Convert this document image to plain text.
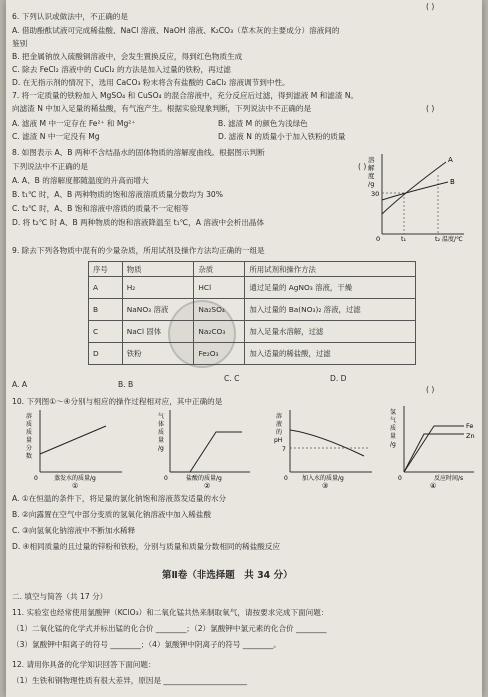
( )
6. 下列认识或做法中，不正确的是
A. 借助酚酞试液可完成稀盐酸、NaCl 溶液、NaOH 溶液、K₂CO₃（草木灰的主要成分）溶液间的
鉴别
B. 把金属钠放入硫酸铜溶液中，会发生置换反应，得到红色物质生成
C. 除去 FeCl₂ 溶液中的 CuCl₂ 的方法是加入过量的铁粉，再过滤
D. 在无指示剂的情况下，选用 CaCO₃ 粉末将含有盐酸的 CaCl₂ 溶液调节到中性。
7. 将一定质量的铁粉加入 MgSO₄ 和 CuSO₄ 的混合溶液中，充分反应后过滤，得到滤液 M 和滤渣 N。
向滤渣 N 中加入足量的稀盐酸，有气泡产生。根据实验现象判断，下列说法中不正确的是	( )
A. 滤液 M 中一定存在 Fe²⁺ 和 Mg²⁺	B. 滤渣 M 的颜色为浅绿色
C. 滤渣 N 中一定没有 Mg	D. 滤液 N 的质量小于加入铁粉的质量
8. 如图表示 A、B 两种不含结晶水的固体物质的溶解度曲线。根据图示判断
( )
下列说法中不正确的是
A. A、B 的溶解度都随温度的升高而增大
B. t₁℃ 时，A、B 两种物质的饱和溶液溶质质量分数均为 30%
C. t₂℃ 时，A、B 饱和溶液中溶质的质量不一定相等
D. 将 t₂℃ 时 A、B 两种物质的饱和溶液降温至 t₁℃，A 溶液中会析出晶体
溶
解
度
/g
30
0	t₁	t₂ 温度/℃
A
B
9. 除去下列各物质中混有的少量杂质，所用试剂及操作方法均正确的一组是
序号	物质	杂质	所用试剂和操作方法
A	H₂	HCl	通过足量的 AgNO₃ 溶液，干燥
B	NaNO₃ 溶液	Na₂SO₄	加入过量的 Ba(NO₃)₂ 溶液，过滤
C	NaCl 固体	Na₂CO₃	加入足量水溶解，过滤
D	铁粉	Fe₂O₃	加入适量的稀盐酸，过滤
A. A	B. B
C. C	D. D
10. 下列图①～④分别与相应的操作过程相对应，其中正确的是
( )
溶
质
质
量
分
数
0	蒸发水的质量/g
①
气
体
质
量
/g
0	盐酸的质量/g
②
溶
液
的
pH
7
0 加入水的质量/g
③
氢
气
质
量
/g
Fe
Zn
0	反应时间/s
④
A. ①在恒温的条件下，将足量的氯化钠饱和溶液蒸发适量的水分
B. ②向露置在空气中部分变质的氢氧化钠溶液中加入稀盐酸
C. ③向氢氧化钠溶液中不断加水稀释
D. ④相同质量的且过量的锌粉和铁粉，分别与质量和质量分数相同的稀盐酸反应
第Ⅱ卷（非选择题　共 34 分）
二. 填空与简答（共 17 分）
11. 实验室也经常使用氯酸钾（KClO₃）和二氧化锰共热来制取氧气，请按要求完成下面问题：
（1）二氧化锰的化学式并标出锰的化合价 ________；（2）氯酸钾中氯元素的化合价 ________
（3）氯酸钾中阳离子的符号 ________；（4）氯酸钾中阴离子的符号 ________。
12. 请用你具备的化学知识回答下面问题：
（1）生铁和钢物理性质有很大差异，原因是 ______________________
